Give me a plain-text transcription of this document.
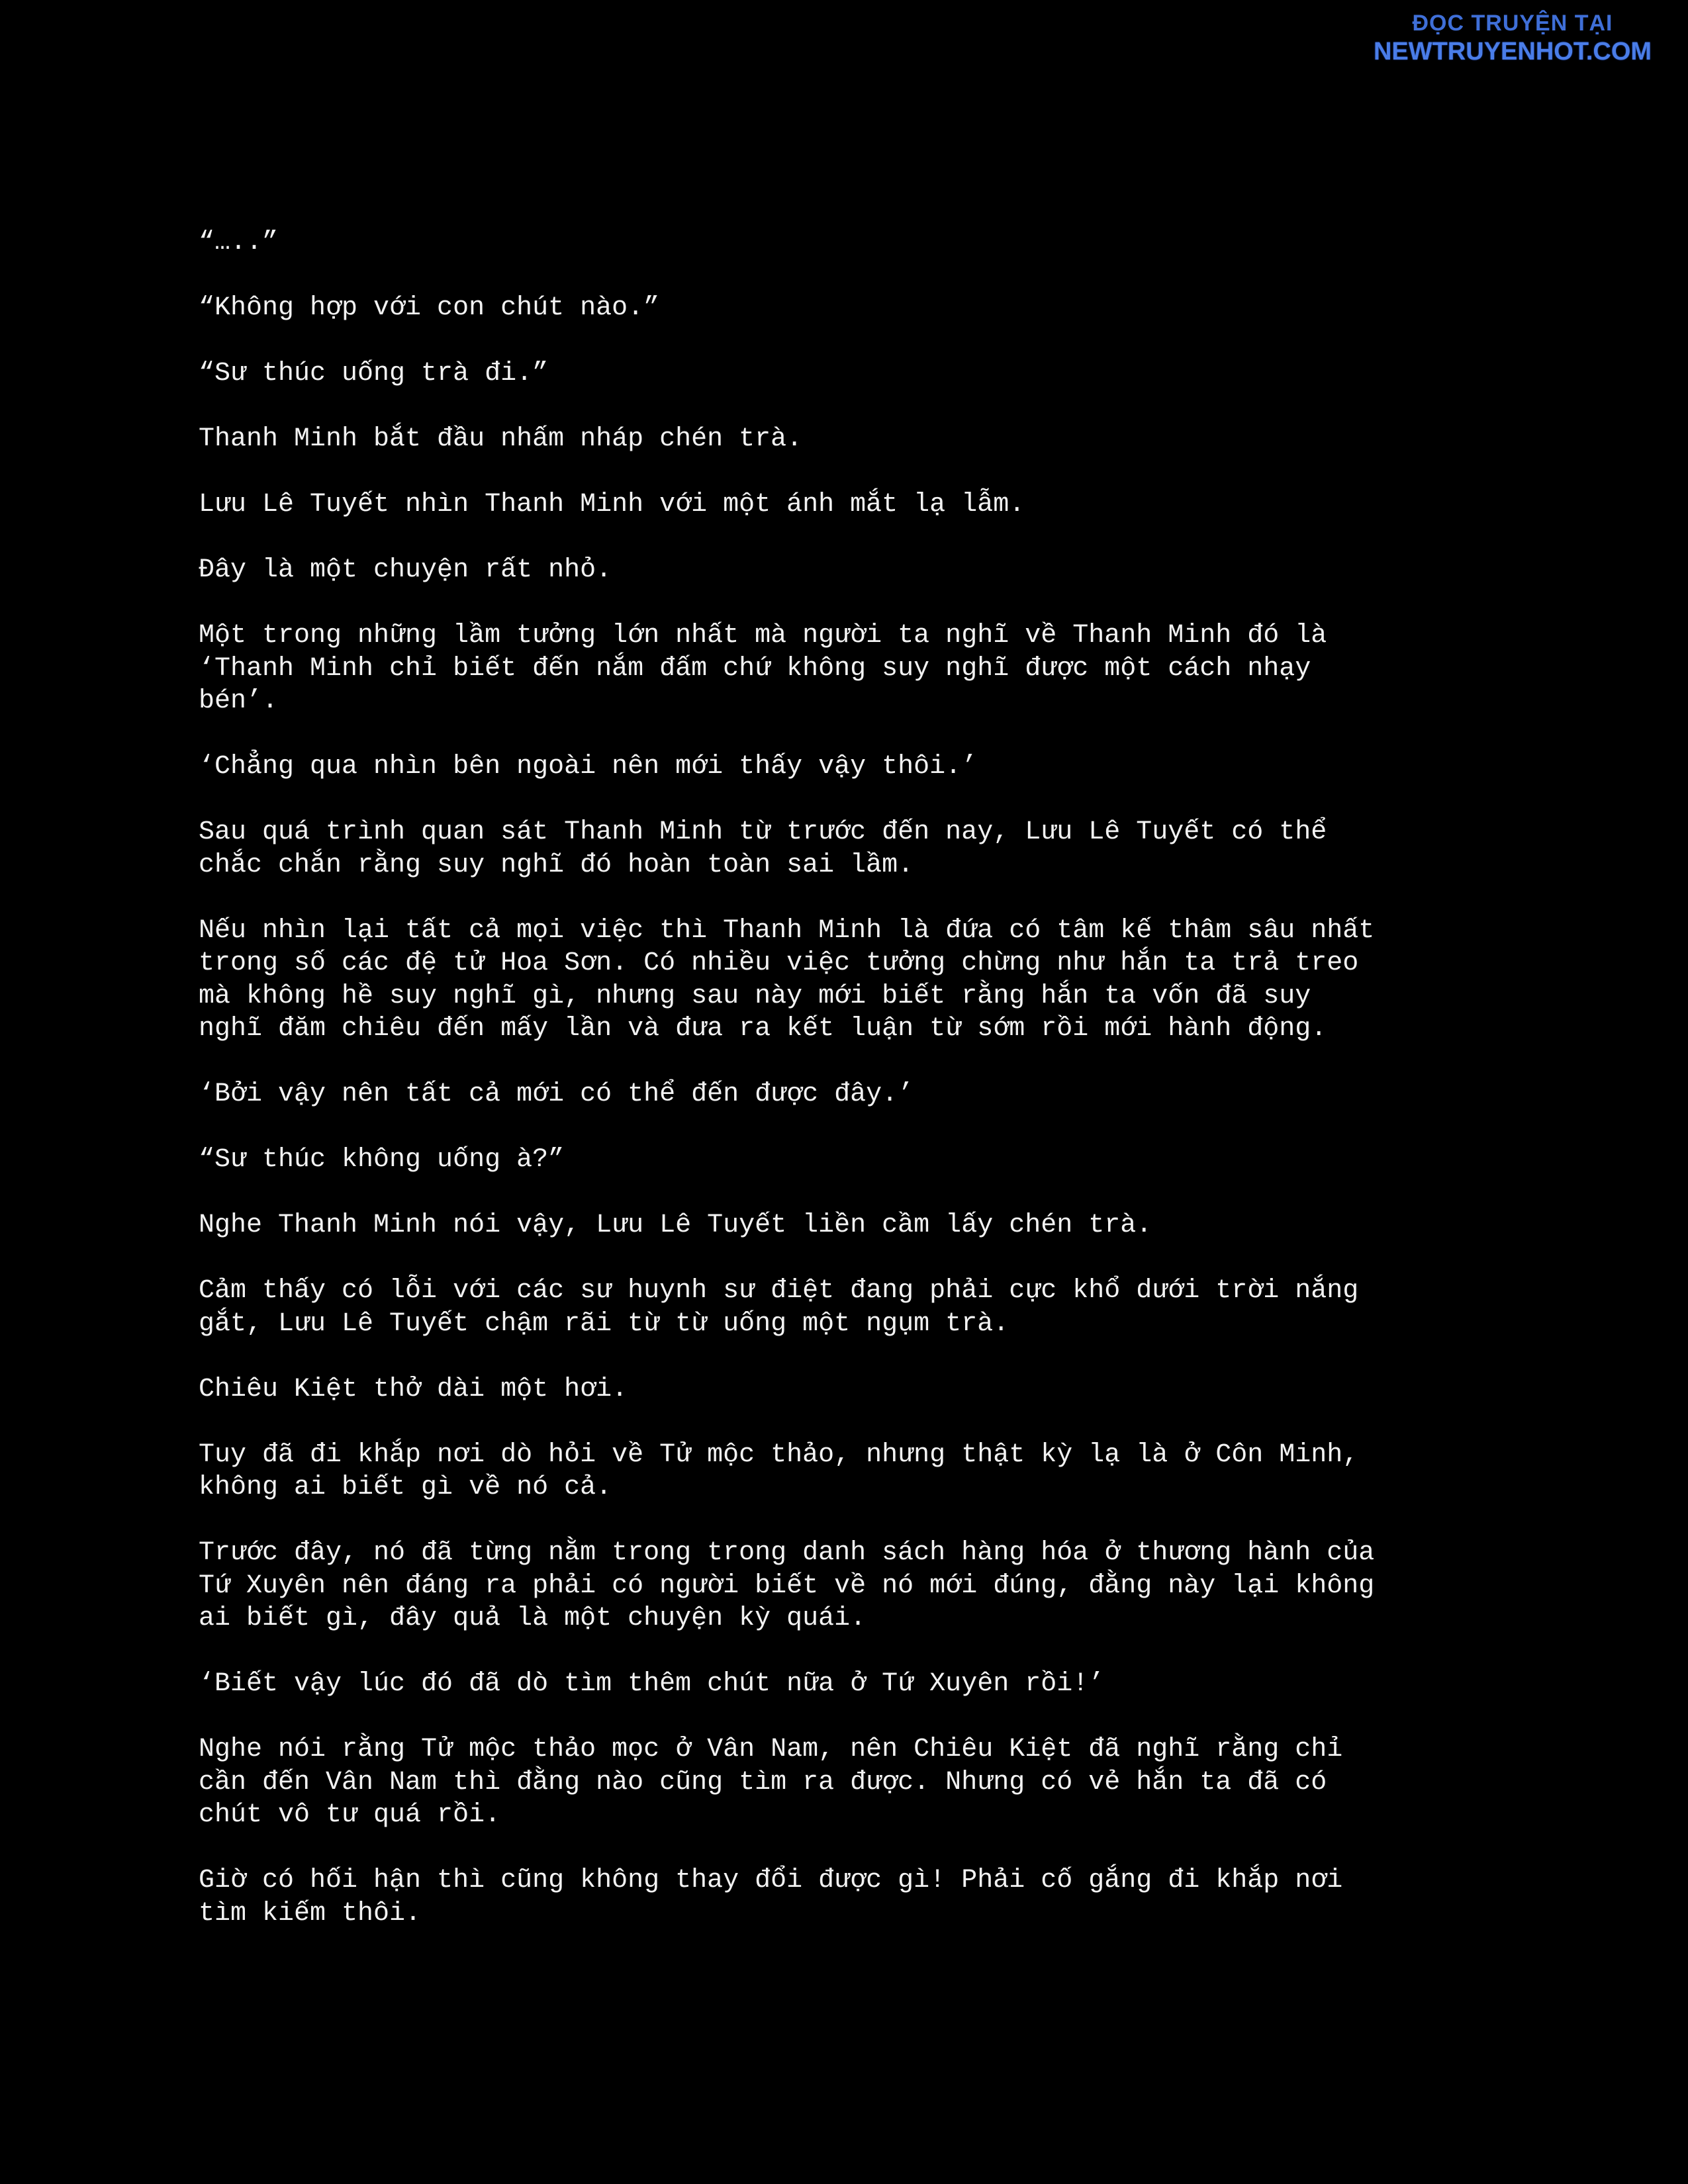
ĐỌC TRUYỆN TẠI
NEWTRUYENHOT.COM
“…..”
“Không hợp với con chút nào.”
“Sư thúc uống trà đi.”
Thanh Minh bắt đầu nhấm nháp chén trà.
Lưu Lê Tuyết nhìn Thanh Minh với một ánh mắt lạ lẫm.
Đây là một chuyện rất nhỏ.
Một trong những lầm tưởng lớn nhất mà người ta nghĩ về Thanh Minh đó là
‘Thanh Minh chỉ biết đến nắm đấm chứ không suy nghĩ được một cách nhạy
bén’.
‘Chẳng qua nhìn bên ngoài nên mới thấy vậy thôi.’
Sau quá trình quan sát Thanh Minh từ trước đến nay, Lưu Lê Tuyết có thể
chắc chắn rằng suy nghĩ đó hoàn toàn sai lầm.
Nếu nhìn lại tất cả mọi việc thì Thanh Minh là đứa có tâm kế thâm sâu nhất
trong số các đệ tử Hoa Sơn. Có nhiều việc tưởng chừng như hắn ta trả treo
mà không hề suy nghĩ gì, nhưng sau này mới biết rằng hắn ta vốn đã suy
nghĩ đăm chiêu đến mấy lần và đưa ra kết luận từ sớm rồi mới hành động.
‘Bởi vậy nên tất cả mới có thể đến được đây.’
“Sư thúc không uống à?”
Nghe Thanh Minh nói vậy, Lưu Lê Tuyết liền cầm lấy chén trà.
Cảm thấy có lỗi với các sư huynh sư điệt đang phải cực khổ dưới trời nắng
gắt, Lưu Lê Tuyết chậm rãi từ từ uống một ngụm trà.
Chiêu Kiệt thở dài một hơi.
Tuy đã đi khắp nơi dò hỏi về Tử mộc thảo, nhưng thật kỳ lạ là ở Côn Minh,
không ai biết gì về nó cả.
Trước đây, nó đã từng nằm trong trong danh sách hàng hóa ở thương hành của
Tứ Xuyên nên đáng ra phải có người biết về nó mới đúng, đằng này lại không
ai biết gì, đây quả là một chuyện kỳ quái.
‘Biết vậy lúc đó đã dò tìm thêm chút nữa ở Tứ Xuyên rồi!’
Nghe nói rằng Tử mộc thảo mọc ở Vân Nam, nên Chiêu Kiệt đã nghĩ rằng chỉ
cần đến Vân Nam thì đằng nào cũng tìm ra được. Nhưng có vẻ hắn ta đã có
chút vô tư quá rồi.
Giờ có hối hận thì cũng không thay đổi được gì! Phải cố gắng đi khắp nơi
tìm kiếm thôi.
